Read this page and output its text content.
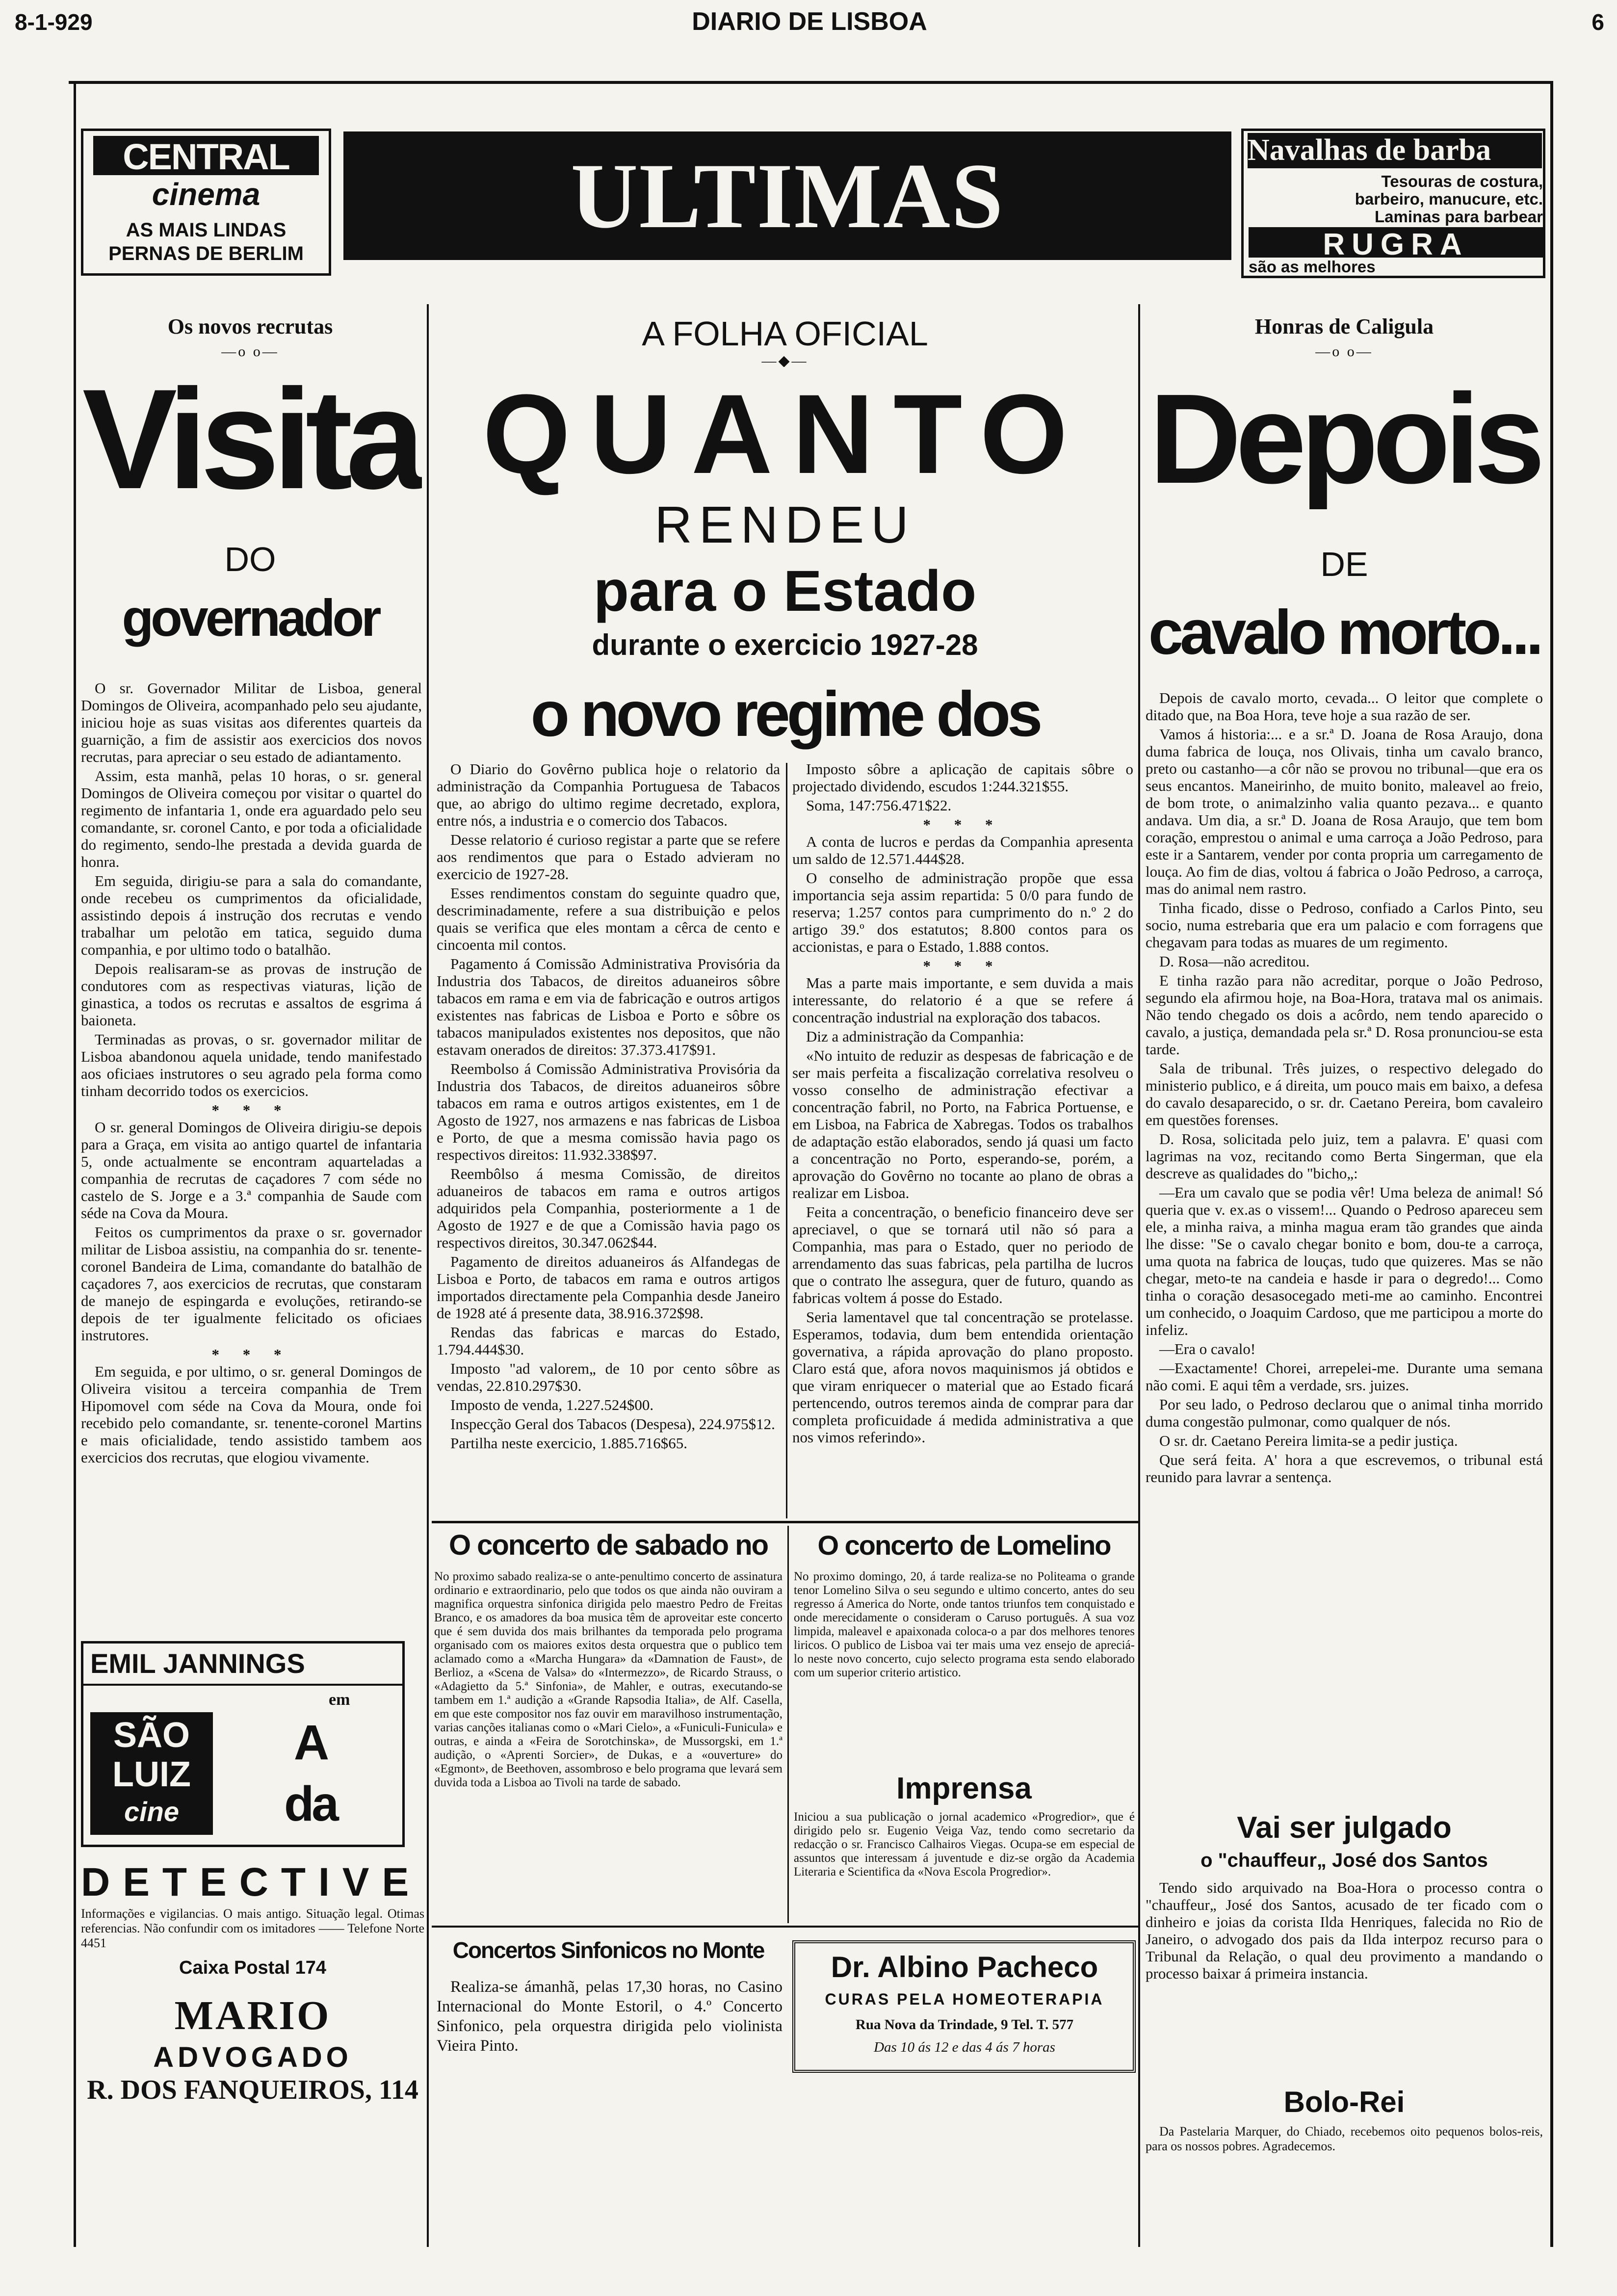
8-1-929	DIARIO DE LISBOA	6
CENTRAL
cinema
AS MAIS LINDAS
PERNAS DE BERLIM
ULTIMAS	Navalhas de barba
Tesouras de costura,
barbeiro, manucure, etc.
Laminas para barbear
RUGRA
são as melhores
Os novos recrutas
—o o—
Visita
DO
governador

O sr. Governador Militar de Lisboa, general Domingos de Oliveira, acompanhado pelo seu ajudante, iniciou hoje as suas visitas aos diferentes quarteis da guarnição, a fim de assistir aos exercicios dos novos recrutas, para apreciar o seu estado de adiantamento.

Assim, esta manhã, pelas 10 horas, o sr. general Domingos de Oliveira começou por visitar o quartel do regimento de infantaria 1, onde era aguardado pelo seu comandante, sr. coronel Canto, e por toda a oficialidade do regimento, sendo-lhe prestada a devida guarda de honra.

Em seguida, dirigiu-se para a sala do comandante, onde recebeu os cumprimentos da oficialidade, assistindo depois á instrução dos recrutas e vendo trabalhar um pelotão em tatica, seguido duma companhia, e por ultimo todo o batalhão.

Depois realisaram-se as provas de instrução de condutores com as respectivas viaturas, lição de ginastica, a todos os recrutas e assaltos de esgrima á baioneta.

Terminadas as provas, o sr. governador militar de Lisboa abandonou aquela unidade, tendo manifestado aos oficiaes instrutores o seu agrado pela forma como tinham decorrido todos os exercicios.

* * *

O sr. general Domingos de Oliveira dirigiu-se depois para a Graça, em visita ao antigo quartel de infantaria 5, onde actualmente se encontram aquarteladas a companhia de recrutas de caçadores 7 com séde no castelo de S. Jorge e a 3.ª companhia de Saude com séde na Cova da Moura.

Feitos os cumprimentos da praxe o sr. governador militar de Lisboa assistiu, na companhia do sr. tenente-coronel Bandeira de Lima, comandante do batalhão de caçadores 7, aos exercicios de recrutas, que constaram de manejo de espingarda e evoluções, retirando-se depois de ter igualmente felicitado os oficiaes instrutores.

* * *

Em seguida, e por ultimo, o sr. general Domingos de Oliveira visitou a terceira companhia de Trem Hipomovel com séde na Cova da Moura, onde foi recebido pelo comandante, sr. tenente-coronel Martins e mais oficialidade, tendo assistido tambem aos exercicios dos recrutas, que elogiou vivamente.

EMIL JANNINGS
em
SÃO
LUIZ
cine
A
da
DETECTIVE
Informações e vigilancias. O mais antigo. Situação legal. Otimas referencias. Não confundir com os imitadores —— Telefone Norte 4451
Caixa Postal 174
MARIO
ADVOGADO
R. DOS FANQUEIROS, 114
A FOLHA OFICIAL
—◆—
QUANTO
RENDEU
para o Estado
durante o exercicio 1927-28
o novo regime dos

O Diario do Govêrno publica hoje o relatorio da administração da Companhia Portuguesa de Tabacos que, ao abrigo do ultimo regime decretado, explora, entre nós, a industria e o comercio dos Tabacos.

Desse relatorio é curioso registar a parte que se refere aos rendimentos que para o Estado advieram no exercicio de 1927-28.

Esses rendimentos constam do seguinte quadro que, descriminadamente, refere a sua distribuição e pelos quais se verifica que eles montam a cêrca de cento e cincoenta mil contos.

Pagamento á Comissão Administrativa Provisória da Industria dos Tabacos, de direitos aduaneiros sôbre tabacos em rama e em via de fabricação e outros artigos existentes nas fabricas de Lisboa e Porto e sôbre os tabacos manipulados existentes nos depositos, que não estavam onerados de direitos: 37.373.417$91.

Reembolso á Comissão Administrativa Provisória da Industria dos Tabacos, de direitos aduaneiros sôbre tabacos em rama e outros artigos existentes, em 1 de Agosto de 1927, nos armazens e nas fabricas de Lisboa e Porto, de que a mesma comissão havia pago os respectivos direitos: 11.932.338$97.

Reembôlso á mesma Comissão, de direitos aduaneiros de tabacos em rama e outros artigos adquiridos pela Companhia, posteriormente a 1 de Agosto de 1927 e de que a Comissão havia pago os respectivos direitos, 30.347.062$44.

Pagamento de direitos aduaneiros ás Alfandegas de Lisboa e Porto, de tabacos em rama e outros artigos importados directamente pela Companhia desde Janeiro de 1928 até á presente data, 38.916.372$98.

Rendas das fabricas e marcas do Estado, 1.794.444$30.

Imposto "ad valorem„ de 10 por cento sôbre as vendas, 22.810.297$30.

Imposto de venda, 1.227.524$00.

Inspecção Geral dos Tabacos (Despesa), 224.975$12.

Partilha neste exercicio, 1.885.716$65.

Imposto sôbre a aplicação de capitais sôbre o projectado dividendo, escudos 1:244.321$55.

Soma, 147:756.471$22.

* * *

A conta de lucros e perdas da Companhia apresenta um saldo de 12.571.444$28.

O conselho de administração propõe que essa importancia seja assim repartida: 5 0/0 para fundo de reserva; 1.257 contos para cumprimento do n.º 2 do artigo 39.º dos estatutos; 8.800 contos para os accionistas, e para o Estado, 1.888 contos.

* * *

Mas a parte mais importante, e sem duvida a mais interessante, do relatorio é a que se refere á concentração industrial na exploração dos tabacos.

Diz a administração da Companhia:

«No intuito de reduzir as despesas de fabricação e de ser mais perfeita a fiscalização correlativa resolveu o vosso conselho de administração efectivar a concentração fabril, no Porto, na Fabrica Portuense, e em Lisboa, na Fabrica de Xabregas. Todos os trabalhos de adaptação estão elaborados, sendo já quasi um facto a concentração no Porto, esperando-se, porém, a aprovação do Govêrno no tocante ao plano de obras a realizar em Lisboa.

Feita a concentração, o beneficio financeiro deve ser apreciavel, o que se tornará util não só para a Companhia, mas para o Estado, quer no periodo de arrendamento das suas fabricas, pela partilha de lucros que o contrato lhe assegura, quer de futuro, quando as fabricas voltem á posse do Estado.

Seria lamentavel que tal concentração se protelasse. Esperamos, todavia, dum bem entendida orientação governativa, a rápida aprovação do plano proposto. Claro está que, afora novos maquinismos já obtidos e que viram enriquecer o material que ao Estado ficará pertencendo, outros teremos ainda de comprar para dar completa proficuidade á medida administrativa a que nos vimos referindo».

O concerto de sabado no
No proximo sabado realiza-se o ante-penultimo concerto de assinatura ordinario e extraordinario, pelo que todos os que ainda não ouviram a magnifica orquestra sinfonica dirigida pelo maestro Pedro de Freitas Branco, e os amadores da boa musica têm de aproveitar este concerto que é sem duvida dos mais brilhantes da temporada pelo programa organisado com os maiores exitos desta orquestra que o publico tem aclamado como a «Marcha Hungara» da «Damnation de Faust», de Berlioz, a «Scena de Valsa» do «Intermezzo», de Ricardo Strauss, o «Adagietto da 5.ª Sinfonia», de Mahler, e outras, executando-se tambem em 1.ª audição a «Grande Rapsodia Italia», de Alf. Casella, em que este compositor nos faz ouvir em maravilhoso instrumentação, varias canções italianas como o «Mari Cielo», a «Funiculi-Funicula» e outras, e ainda a «Feira de Sorotchinska», de Mussorgski, em 1.ª audição, o «Aprenti Sorcier», de Dukas, e a «ouverture» do «Egmont», de Beethoven, assombroso e belo programa que levará sem duvida toda a Lisboa ao Tivoli na tarde de sabado.
O concerto de Lomelino
No proximo domingo, 20, á tarde realiza-se no Politeama o grande tenor Lomelino Silva o seu segundo e ultimo concerto, antes do seu regresso á America do Norte, onde tantos triunfos tem conquistado e onde merecidamente o consideram o Caruso português. A sua voz limpida, maleavel e apaixonada coloca-o a par dos melhores tenores liricos. O publico de Lisboa vai ter mais uma vez ensejo de apreciá-lo neste novo concerto, cujo selecto programa esta sendo elaborado com um superior criterio artistico.
Imprensa
Iniciou a sua publicação o jornal academico «Progredior», que é dirigido pelo sr. Eugenio Veiga Vaz, tendo como secretario da redacção o sr. Francisco Calhairos Viegas. Ocupa-se em especial de assuntos que interessam á juventude e diz-se orgão da Academia Literaria e Scientifica da «Nova Escola Progredior».
Concertos Sinfonicos no Monte
Realiza-se ámanhã, pelas 17,30 horas, no Casino Internacional do Monte Estoril, o 4.º Concerto Sinfonico, pela orquestra dirigida pelo violinista Vieira Pinto.
Dr. Albino Pacheco
CURAS PELA HOMEOTERAPIA
Rua Nova da Trindade, 9 Tel. T. 577
Das 10 ás 12 e das 4 ás 7 horas
Honras de Caligula
—o o—
Depois
DE
cavalo morto...

Depois de cavalo morto, cevada... O leitor que complete o ditado que, na Boa Hora, teve hoje a sua razão de ser.

Vamos á historia:... e a sr.ª D. Joana de Rosa Araujo, dona duma fabrica de louça, nos Olivais, tinha um cavalo branco, preto ou castanho—a côr não se provou no tribunal—que era os seus encantos. Maneirinho, de muito bonito, maleavel ao freio, de bom trote, o animalzinho valia quanto pezava... e quanto andava. Um dia, a sr.ª D. Joana de Rosa Araujo, que tem bom coração, emprestou o animal e uma carroça a João Pedroso, para este ir a Santarem, vender por conta propria um carregamento de louça. Ao fim de dias, voltou á fabrica o João Pedroso, a carroça, mas do animal nem rastro.

Tinha ficado, disse o Pedroso, confiado a Carlos Pinto, seu socio, numa estrebaria que era um palacio e com forragens que chegavam para todas as muares de um regimento.

D. Rosa—não acreditou.

E tinha razão para não acreditar, porque o João Pedroso, segundo ela afirmou hoje, na Boa-Hora, tratava mal os animais. Não tendo chegado os dois a acôrdo, nem tendo aparecido o cavalo, a justiça, demandada pela sr.ª D. Rosa pronunciou-se esta tarde.

Sala de tribunal. Três juizes, o respectivo delegado do ministerio publico, e á direita, um pouco mais em baixo, a defesa do cavalo desaparecido, o sr. dr. Caetano Pereira, bom cavaleiro em questões forenses.

D. Rosa, solicitada pelo juiz, tem a palavra. E' quasi com lagrimas na voz, recitando como Berta Singerman, que ela descreve as qualidades do "bicho„:

—Era um cavalo que se podia vêr! Uma beleza de animal! Só queria que v. ex.as o vissem!... Quando o Pedroso apareceu sem ele, a minha raiva, a minha magua eram tão grandes que ainda lhe disse: "Se o cavalo chegar bonito e bom, dou-te a carroça, uma quota na fabrica de louças, tudo que quizeres. Mas se não chegar, meto-te na candeia e hasde ir para o degredo!... Como tinha o coração desasocegado meti-me ao caminho. Encontrei um conhecido, o Joaquim Cardoso, que me participou a morte do infeliz.

—Era o cavalo!

—Exactamente! Chorei, arrepelei-me. Durante uma semana não comi. E aqui têm a verdade, srs. juizes.

Por seu lado, o Pedroso declarou que o animal tinha morrido duma congestão pulmonar, como qualquer de nós.

O sr. dr. Caetano Pereira limita-se a pedir justiça.

Que será feita. A' hora a que escrevemos, o tribunal está reunido para lavrar a sentença.

Vai ser julgado
o "chauffeur„ José dos Santos
Tendo sido arquivado na Boa-Hora o processo contra o "chauffeur„ José dos Santos, acusado de ter ficado com o dinheiro e joias da corista Ilda Henriques, falecida no Rio de Janeiro, o advogado dos pais da Ilda interpoz recurso para o Tribunal da Relação, o qual deu provimento a mandando o processo baixar á primeira instancia.
Bolo-Rei
Da Pastelaria Marquer, do Chiado, recebemos oito pequenos bolos-reis, para os nossos pobres. Agradecemos.
